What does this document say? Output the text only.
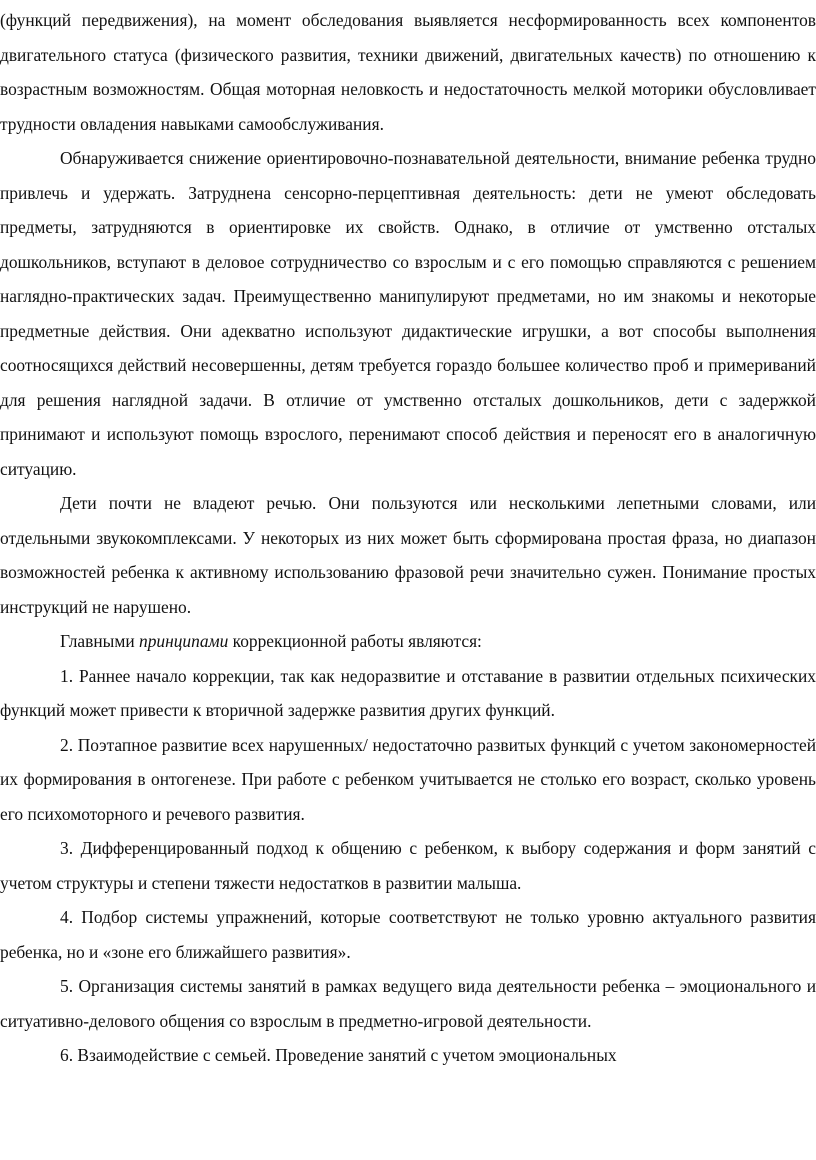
(функций передвижения), на момент обследования выявляется несформированность всех компонентов двигательного статуса (физического развития, техники движений, двигательных качеств) по отношению к возрастным возможностям. Общая моторная неловкость и недостаточность мелкой моторики обусловливает трудности овладения навыками самообслуживания.

Обнаруживается снижение ориентировочно-познавательной деятельности, внимание ребенка трудно привлечь и удержать. Затруднена сенсорно-перцептивная деятельность: дети не умеют обследовать предметы, затрудняются в ориентировке их свойств. Однако, в отличие от умственно отсталых дошкольников, вступают в деловое сотрудничество со взрослым и с его помощью справляются с решением наглядно-практических задач. Преимущественно манипулируют предметами, но им знакомы и некоторые предметные действия. Они адекватно используют дидактические игрушки, а вот способы выполнения соотносящихся действий несовершенны, детям требуется гораздо большее количество проб и примериваний для решения наглядной задачи. В отличие от умственно отсталых дошкольников, дети с задержкой принимают и используют помощь взрослого, перенимают способ действия и переносят его в аналогичную ситуацию.

Дети почти не владеют речью. Они пользуются или несколькими лепетными словами, или отдельными звукокомплексами. У некоторых из них может быть сформирована простая фраза, но диапазон возможностей ребенка к активному использованию фразовой речи значительно сужен. Понимание простых инструкций не нарушено.

Главными принципами коррекционной работы являются:

1. Раннее начало коррекции, так как недоразвитие и отставание в развитии отдельных психических функций может привести к вторичной задержке развития других функций.

2. Поэтапное развитие всех нарушенных/ недостаточно развитых функций с учетом закономерностей их формирования в онтогенезе. При работе с ребенком учитывается не столько его возраст, сколько уровень его психомоторного и речевого развития.

3. Дифференцированный подход к общению с ребенком, к выбору содержания и форм занятий с учетом структуры и степени тяжести недостатков в развитии малыша.

4. Подбор системы упражнений, которые соответствуют не только уровню актуального развития ребенка, но и «зоне его ближайшего развития».

5. Организация системы занятий в рамках ведущего вида деятельности ребенка – эмоционального и ситуативно-делового общения со взрослым в предметно-игровой деятельности.

6. Взаимодействие с семьей. Проведение занятий с учетом эмоциональных
